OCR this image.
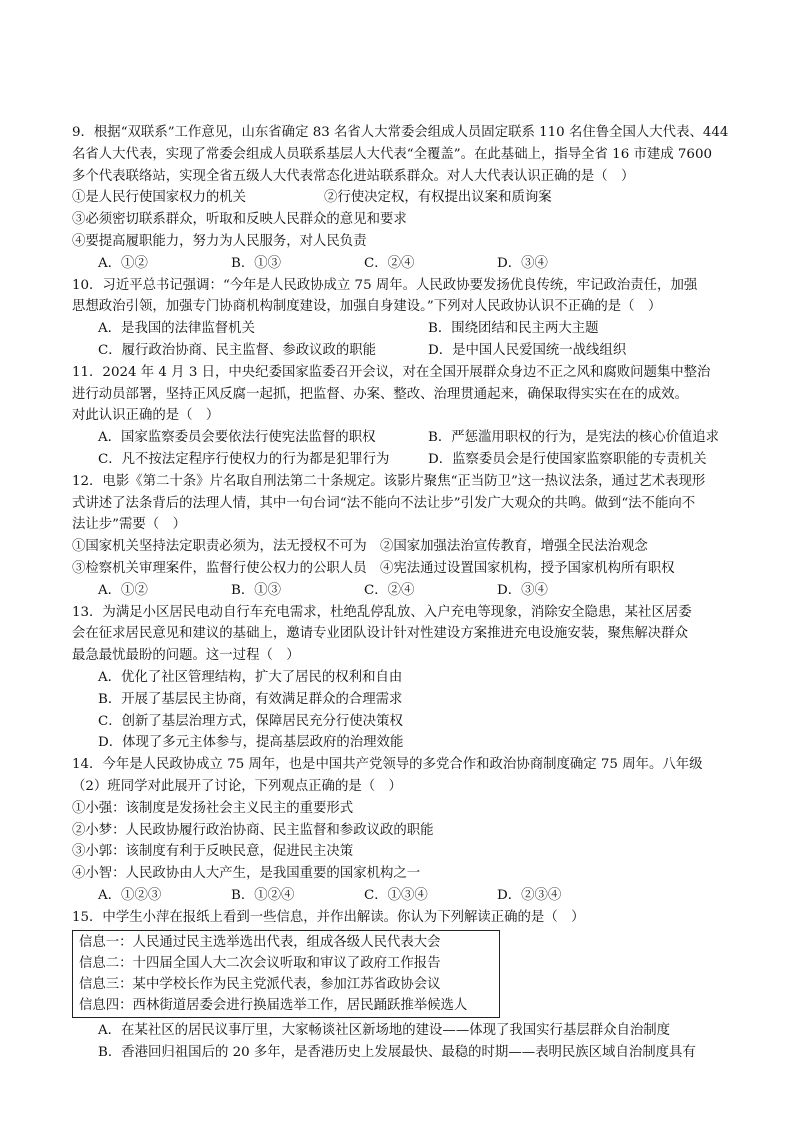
9．根据“双联系”工作意见，山东省确定 83 名省人大常委会组成人员固定联系 110 名住鲁全国人大代表、444
名省人大代表，实现了常委会组成人员联系基层人大代表“全覆盖”。在此基础上，指导全省 16 市建成 7600
多个代表联络站，实现全省五级人大代表常态化进站联系群众。对人大代表认识正确的是（　）
①是人民行使国家权力的机关	②行使决定权，有权提出议案和质询案
③必须密切联系群众，听取和反映人民群众的意见和要求
④要提高履职能力，努力为人民服务，对人民负责
A．①②	B．①③	C．②④	D．③④
10．习近平总书记强调：“今年是人民政协成立 75 周年。人民政协要发扬优良传统，牢记政治责任，加强
思想政治引领，加强专门协商机构制度建设，加强自身建设。”下列对人民政协认识不正确的是（　）
A．是我国的法律监督机关	B．围绕团结和民主两大主题
C．履行政治协商、民主监督、参政议政的职能	D．是中国人民爱国统一战线组织
11．2024 年 4 月 3 日，中央纪委国家监委召开会议，对在全国开展群众身边不正之风和腐败问题集中整治
进行动员部署，坚持正风反腐一起抓，把监督、办案、整改、治理贯通起来，确保取得实实在在的成效。
对此认识正确的是（　）
A．国家监察委员会要依法行使宪法监督的职权	B．严惩滥用职权的行为，是宪法的核心价值追求
C．凡不按法定程序行使权力的行为都是犯罪行为	D．监察委员会是行使国家监察职能的专责机关
12．电影《第二十条》片名取自刑法第二十条规定。该影片聚焦“正当防卫”这一热议法条，通过艺术表现形
式讲述了法条背后的法理人情，其中一句台词“法不能向不法让步”引发广大观众的共鸣。做到“法不能向不
法让步”需要（　）
①国家机关坚持法定职责必须为，法无授权不可为　②国家加强法治宣传教育，增强全民法治观念
③检察机关审理案件，监督行使公权力的公职人员　④宪法通过设置国家机构，授予国家机构所有职权
A．①②	B．①③	C．②④	D．③④
13．为满足小区居民电动自行车充电需求，杜绝乱停乱放、入户充电等现象，消除安全隐患，某社区居委
会在征求居民意见和建议的基础上，邀请专业团队设计针对性建设方案推进充电设施安装，聚焦解决群众
最急最忧最盼的问题。这一过程（　）
A．优化了社区管理结构，扩大了居民的权利和自由
B．开展了基层民主协商，有效满足群众的合理需求
C．创新了基层治理方式，保障居民充分行使决策权
D．体现了多元主体参与，提高基层政府的治理效能
14．今年是人民政协成立 75 周年，也是中国共产党领导的多党合作和政治协商制度确定 75 周年。八年级
（2）班同学对此展开了讨论，下列观点正确的是（　）
①小强：该制度是发扬社会主义民主的重要形式
②小梦：人民政协履行政治协商、民主监督和参政议政的职能
③小郭：该制度有利于反映民意，促进民主决策
④小智：人民政协由人大产生，是我国重要的国家机构之一
A．①②③	B．①②④	C．①③④	D．②③④
15．中学生小萍在报纸上看到一些信息，并作出解读。你认为下列解读正确的是（　）
信息一：人民通过民主选举选出代表，组成各级人民代表大会
信息二：十四届全国人大二次会议听取和审议了政府工作报告
信息三：某中学校长作为民主党派代表，参加江苏省政协会议
信息四：西林街道居委会进行换届选举工作，居民踊跃推举候选人
A．在某社区的居民议事厅里，大家畅谈社区新场地的建设——体现了我国实行基层群众自治制度
B．香港回归祖国后的 20 多年，是香港历史上发展最快、最稳的时期——表明民族区域自治制度具有
